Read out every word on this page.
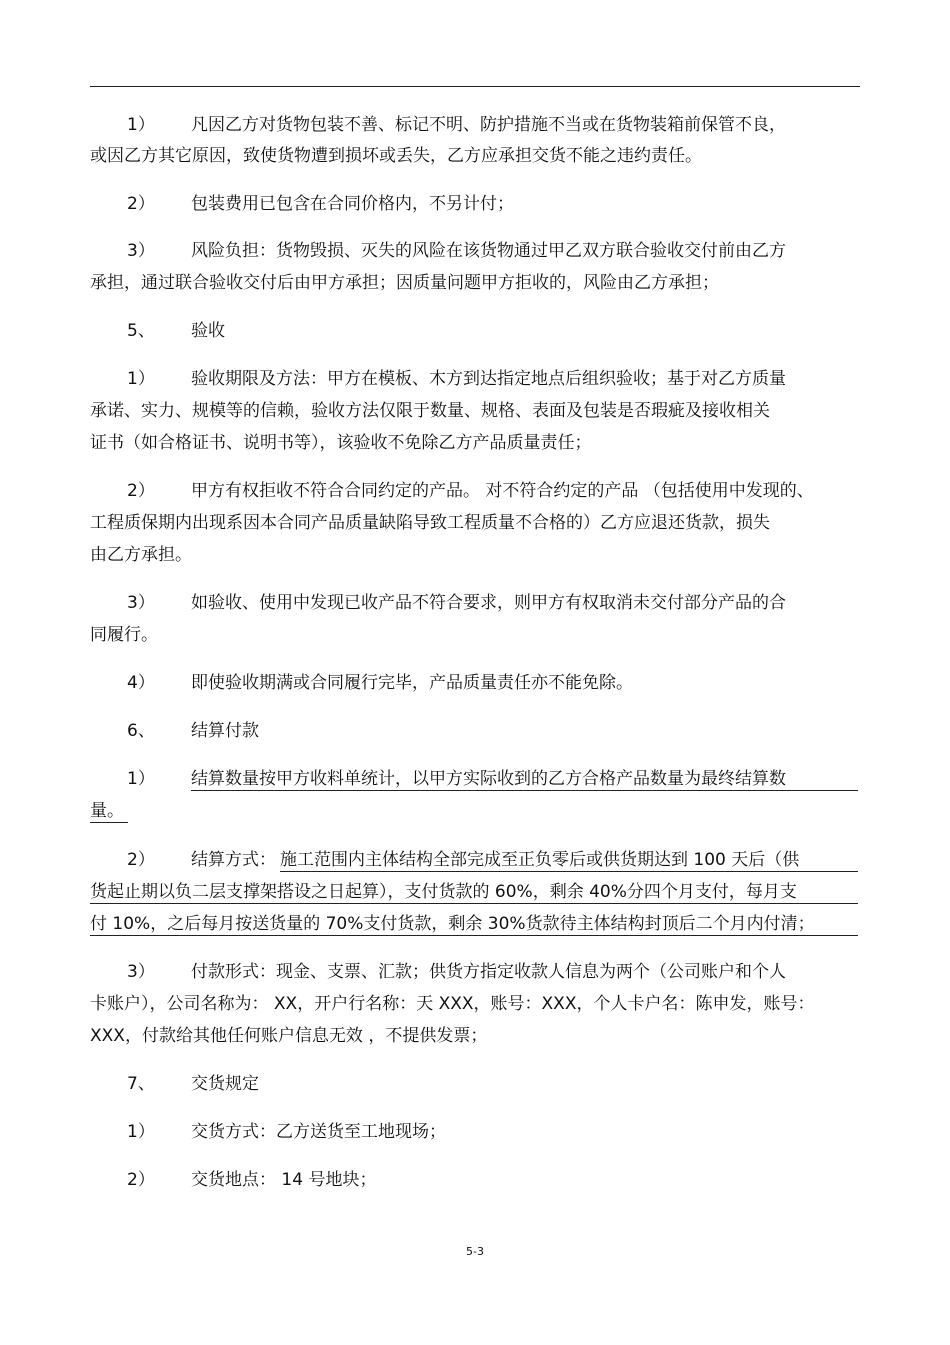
1） 凡因乙方对货物包装不善、标记不明、防护措施不当或在货物装箱前保管不良，
或因乙方其它原因，致使货物遭到损坏或丢失，乙方应承担交货不能之违约责任。
2） 包装费用已包含在合同价格内，不另计付；
3） 风险负担：货物毁损、灭失的风险在该货物通过甲乙双方联合验收交付前由乙方
承担，通过联合验收交付后由甲方承担；因质量问题甲方拒收的，风险由乙方承担；
5、 验收
1） 验收期限及方法：甲方在模板、木方到达指定地点后组织验收；基于对乙方质量
承诺、实力、规模等的信赖，验收方法仅限于数量、规格、表面及包装是否瑕疵及接收相关
证书（如合格证书、说明书等），该验收不免除乙方产品质量责任；
2） 甲方有权拒收不符合合同约定的产品。 对不符合约定的产品 （包括使用中发现的、
工程质保期内出现系因本合同产品质量缺陷导致工程质量不合格的）乙方应退还货款，损失
由乙方承担。
3） 如验收、使用中发现已收产品不符合要求，则甲方有权取消未交付部分产品的合
同履行。
4） 即使验收期满或合同履行完毕，产品质量责任亦不能免除。
6、 结算付款
1） 结算数量按甲方收料单统计，以甲方实际收到的乙方合格产品数量为最终结算数
量。
2） 结算方式： 施工范围内主体结构全部完成至正负零后或供货期达到 100 天后（供
货起止期以负二层支撑架搭设之日起算），支付货款的 60%，剩余 40%分四个月支付，每月支
付 10%，之后每月按送货量的 70%支付货款，剩余 30%货款待主体结构封顶后二个月内付清；
3） 付款形式：现金、支票、汇款；供货方指定收款人信息为两个（公司账户和个人
卡账户），公司名称为： XX，开户行名称：天 XXX，账号：XXX，个人卡户名：陈申发，账号：
XXX，付款给其他任何账户信息无效 ，不提供发票；
7、 交货规定
1） 交货方式：乙方送货至工地现场；
2） 交货地点： 14 号地块；
5-3
